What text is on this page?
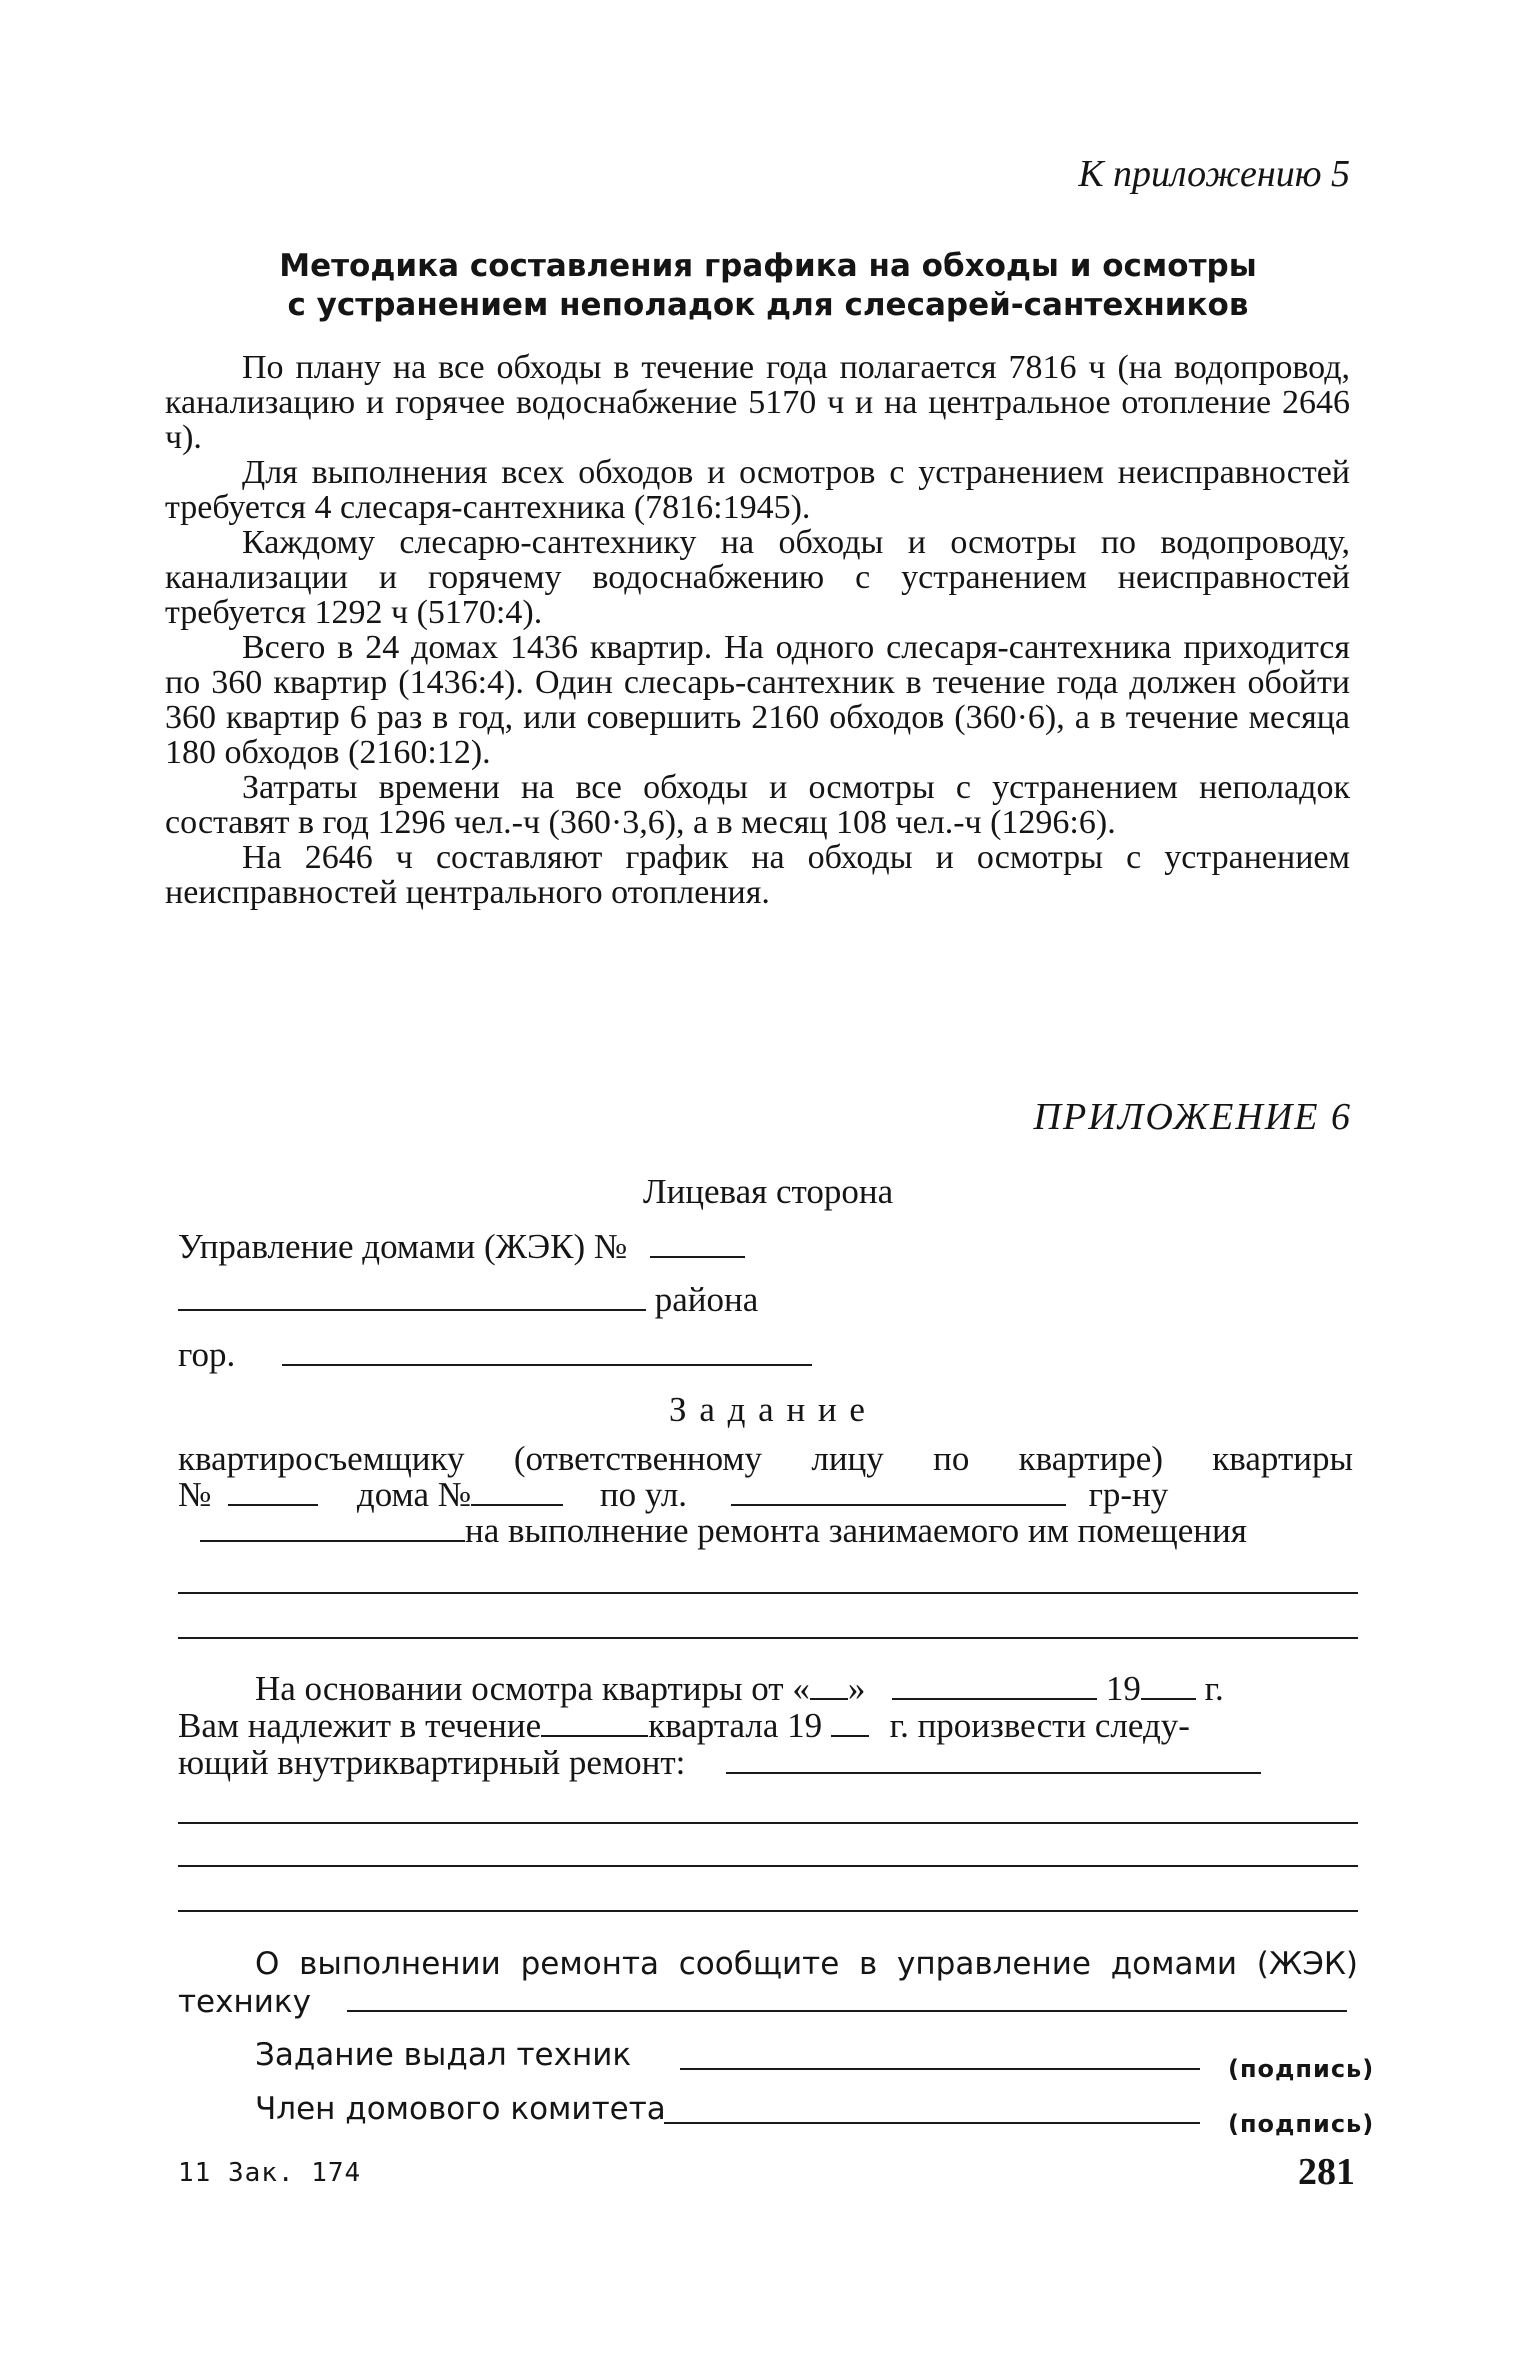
К приложению 5
Методика составления графика на обходы и осмотры
с устранением неполадок для слесарей-сантехников

По плану на все обходы в течение года полагается 7816 ч (на водопровод, канализацию и горячее водоснабжение 5170 ч и на центральное отопление 2646 ч).

Для выполнения всех обходов и осмотров с устранением неисправностей требуется 4 слесаря-сантехника (7816:1945).

Каждому слесарю-сантехнику на обходы и осмотры по водопроводу, канализации и горячему водоснабжению с устранением неисправностей требуется 1292 ч (5170:4).

Всего в 24 домах 1436 квартир. На одного слесаря-сантехника приходится по 360 квартир (1436:4). Один слесарь-сантехник в течение года должен обойти 360 квартир 6 раз в год, или совершить 2160 обходов (360·6), а в течение месяца 180 обходов (2160:12).

Затраты времени на все обходы и осмотры с устранением неполадок составят в год 1296 чел.-ч (360·3,6), а в месяц 108 чел.-ч (1296:6).

На 2646 ч составляют график на обходы и осмотры с устранением неисправностей центрального отопления.

ПРИЛОЖЕНИЕ 6
Лицевая сторона
Управление домами (ЖЭК) №
района
гор.
З а д а н и е
квартиросъемщику (ответственному лицу по квартире) квартиры
№	дома №	по ул.	гр-ну
на выполнение ремонта занимаемого им помещения
На основании осмотра квартиры от « »	19 г.
Вам надлежит в течение	квартала 19 г. произвести следу-
ющий внутриквартирный ремонт:
О выполнении ремонта сообщите в управление домами (ЖЭК)
технику
Задание выдал техник	(подпись)
Член домового комитета	(подпись)
11 Зак. 174	281
